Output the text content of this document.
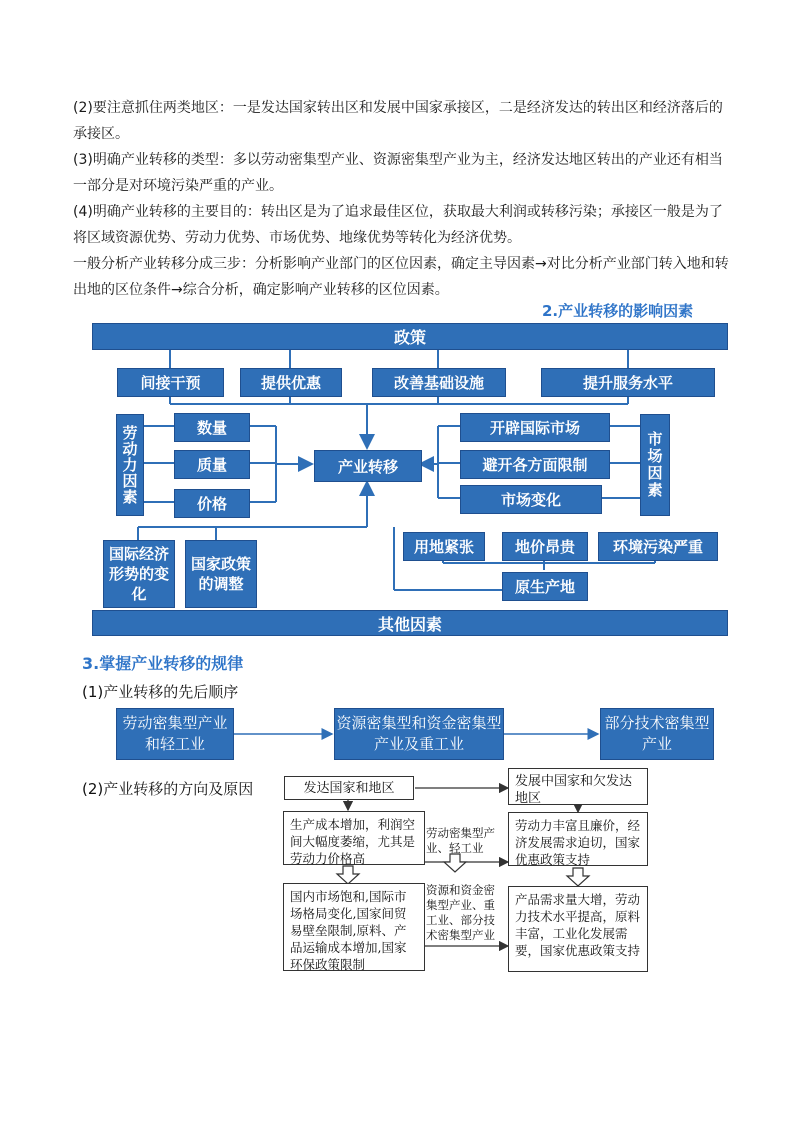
(2)要注意抓住两类地区：一是发达国家转出区和发展中国家承接区，二是经济发达的转出区和经济落后的承接区。

(3)明确产业转移的类型：多以劳动密集型产业、资源密集型产业为主，经济发达地区转出的产业还有相当一部分是对环境污染严重的产业。

(4)明确产业转移的主要目的：转出区是为了追求最佳区位，获取最大利润或转移污染；承接区一般是为了将区域资源优势、劳动力优势、市场优势、地缘优势等转化为经济优势。

一般分析产业转移分成三步：分析影响产业部门的区位因素，确定主导因素→对比分析产业部门转入地和转出地的区位条件→综合分析，确定影响产业转移的区位因素。

2.产业转移的影响因素
政策
间接干预	提供优惠	改善基础设施	提升服务水平
劳动力因素	数量
质量
价格
产业转移
开辟国际市场
避开各方面限制
市场变化
市场因素
国际经济形势的变化
国家政策的调整
用地紧张	地价昂贵	环境污染严重
原生产地
其他因素
3.掌握产业转移的规律
(1)产业转移的先后顺序
劳动密集型产业和轻工业
资源密集型和资金密集型产业及重工业
部分技术密集型产业
(2)产业转移的方向及原因	发达国家和地区	发展中国家和欠发达地区
生产成本增加，利润空间大幅度萎缩，尤其是劳动力价格高
国内市场饱和,国际市场格局变化,国家间贸易壁垒限制,原料、产品运输成本增加,国家环保政策限制
劳动密集型产业、轻工业
资源和资金密集型产业、重工业、部分技术密集型产业
劳动力丰富且廉价，经济发展需求迫切，国家优惠政策支持
产品需求量大增，劳动力技术水平提高，原料丰富，工业化发展需要，国家优惠政策支持
